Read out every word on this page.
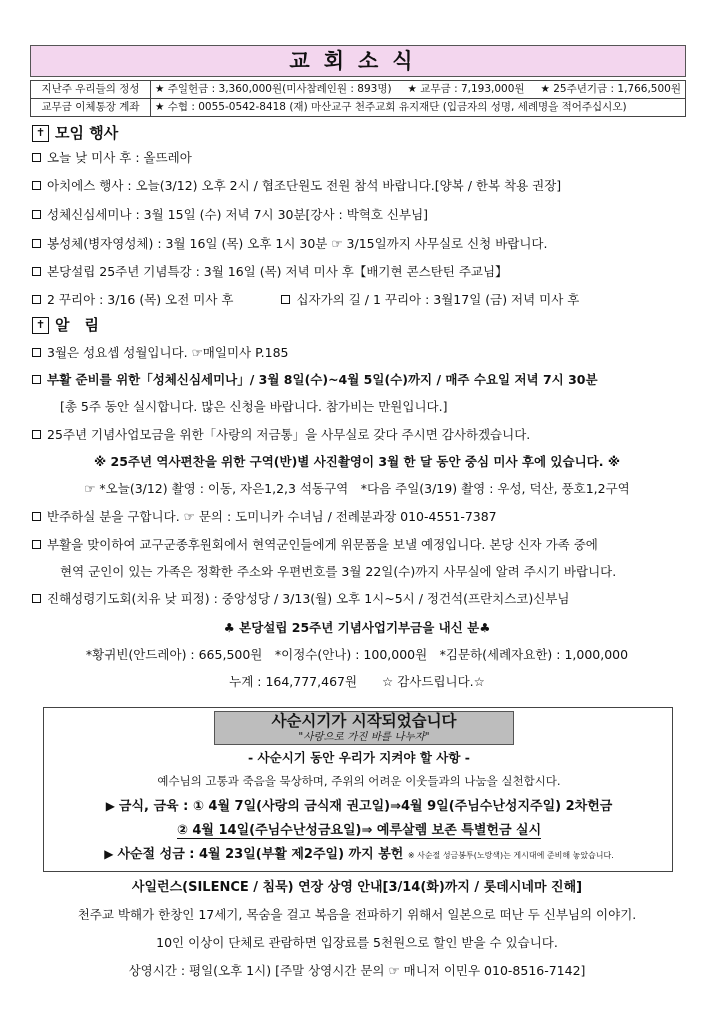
교회소식
지난주 우리들의 정성	★ 주일헌금 : 3,360,000원(미사참례인원 : 893명) ★ 교무금 : 7,193,000원 ★ 25주년기금 : 1,766,500원

교무금 이체통장 계좌	★ 수협 : 0055-0542-8418 (재) 마산교구 천주교회 유지재단 (입금자의 성명, 세례명을 적어주십시오)
✝ 모임 행사
오늘 낮 미사 후 : 올뜨레아
아치에스 행사 : 오늘(3/12) 오후 2시 / 협조단원도 전원 참석 바랍니다.[양복 / 한복 착용 권장]
성체신심세미나 : 3월 15일 (수) 저녁 7시 30분[강사 : 박혁호 신부님]
봉성체(병자영성체) : 3월 16일 (목) 오후 1시 30분 ☞ 3/15일까지 사무실로 신청 바랍니다.
본당설립 25주년 기념특강 : 3월 16일 (목) 저녁 미사 후【배기현 콘스탄틴 주교님】
2 꾸리아 : 3/16 (목) 오전 미사 후	십자가의 길 / 1 꾸리아 : 3월17일 (금) 저녁 미사 후
✝ 알　림
3월은 성요셉 성월입니다. ☞매일미사 P.185
부활 준비를 위한「성체신심세미나」/ 3월 8일(수)~4월 5일(수)까지 / 매주 수요일 저녁 7시 30분
[총 5주 동안 실시합니다. 많은 신청을 바랍니다. 참가비는 만원입니다.]
25주년 기념사업모금을 위한「사랑의 저금통」을 사무실로 갖다 주시면 감사하겠습니다.
※ 25주년 역사편찬을 위한 구역(반)별 사진촬영이 3월 한 달 동안 중심 미사 후에 있습니다. ※
☞ *오늘(3/12) 촬영 : 이동, 자은1,2,3 석동구역　*다음 주일(3/19) 촬영 : 우성, 덕산, 풍호1,2구역
반주하실 분을 구합니다. ☞ 문의 : 도미니카 수녀님 / 전례분과장 010-4551-7387
부활을 맞이하여 교구군종후원회에서 현역군인들에게 위문품을 보낼 예정입니다. 본당 신자 가족 중에
현역 군인이 있는 가족은 정확한 주소와 우편번호를 3월 22일(수)까지 사무실에 알려 주시기 바랍니다.
진해성령기도회(치유 낮 피정) : 중앙성당 / 3/13(월) 오후 1시~5시 / 정건석(프란치스코)신부님
♣ 본당설립 25주년 기념사업기부금을 내신 분♣
*황귀빈(안드레아) : 665,500원　*이정수(안나) : 100,000원　*김문하(세례자요한) : 1,000,000
누계 : 164,777,467원　　☆ 감사드립니다.☆
사순시기가 시작되었습니다
"사랑으로 가진 바를 나누자"
- 사순시기 동안 우리가 지켜야 할 사항 -
예수님의 고통과 죽음을 묵상하며, 주위의 어려운 이웃들과의 나눔을 실천합시다.
▶ 금식, 금육 : ① 4월 7일(사랑의 금식재 권고일)⇒4월 9일(주님수난성지주일) 2차헌금
② 4월 14일(주님수난성금요일)⇒ 예루살렘 보존 특별헌금 실시
▶ 사순절 성금 : 4월 23일(부활 제2주일) 까지 봉헌 ※ 사순절 성금봉투(노랑색)는 게시대에 준비해 놓았습니다.
사일런스(SILENCE / 침묵) 연장 상영 안내[3/14(화)까지 / 롯데시네마 진해]
천주교 박해가 한창인 17세기, 목숨을 걸고 복음을 전파하기 위해서 일본으로 떠난 두 신부님의 이야기.
10인 이상이 단체로 관람하면 입장료를 5천원으로 할인 받을 수 있습니다.
상영시간 : 평일(오후 1시) [주말 상영시간 문의 ☞ 매니저 이민우 010-8516-7142]
